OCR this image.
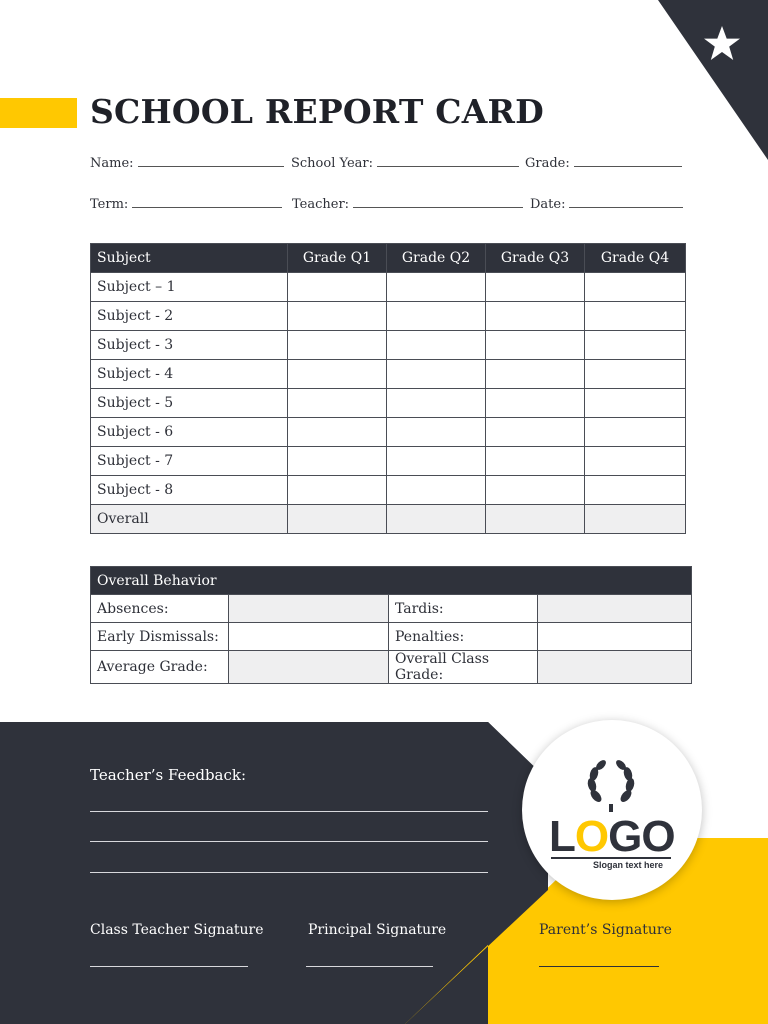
SCHOOL REPORT CARD
Name:	School Year:	Grade:
Term:	Teacher:	Date:
Subject	Grade Q1	Grade Q2	Grade Q3	Grade Q4
Subject – 1				
Subject - 2				
Subject - 3				
Subject - 4				
Subject - 5				
Subject - 6				
Subject - 7				
Subject - 8				
Overall				
Overall Behavior			
Absences:		Tardis:	
Early Dismissals:		Penalties:	
Average Grade:		Overall Class Grade:	
Teacher’s Feedback:
Class Teacher Signature	Principal Signature	Parent’s Signature
LOGO
Slogan text here
